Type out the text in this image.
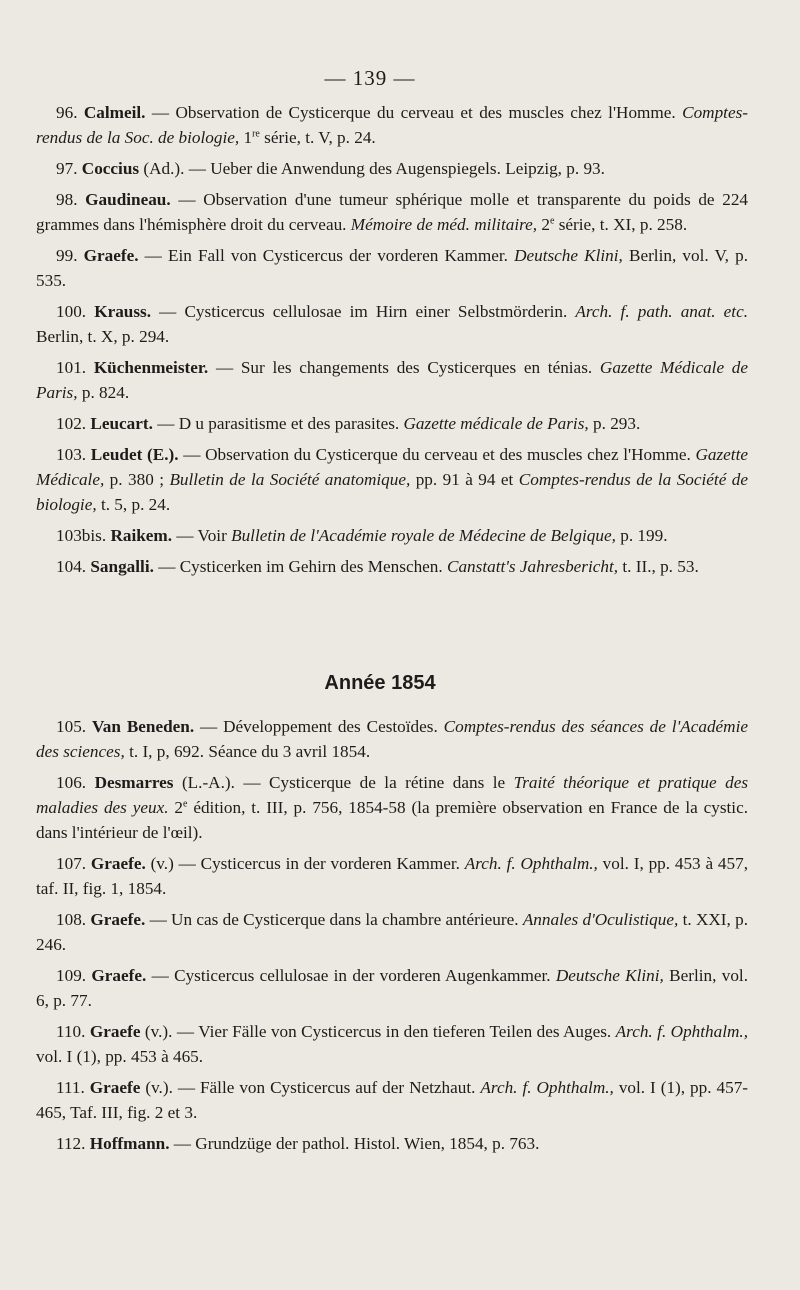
— 139 —

96. Calmeil. — Observation de Cysticerque du cerveau et des muscles chez l'Homme. Comptes-rendus de la Soc. de biologie, 1re série, t. V, p. 24.

97. Coccius (Ad.). — Ueber die Anwendung des Augenspiegels. Leipzig, p. 93.

98. Gaudineau. — Observation d'une tumeur sphérique molle et transparente du poids de 224 grammes dans l'hémisphère droit du cerveau. Mémoire de méd. militaire, 2e série, t. XI, p. 258.

99. Graefe. — Ein Fall von Cysticercus der vorderen Kammer. Deutsche Klini, Berlin, vol. V, p. 535.

100. Krauss. — Cysticercus cellulosae im Hirn einer Selbstmörderin. Arch. f. path. anat. etc. Berlin, t. X, p. 294.

101. Küchenmeister. — Sur les changements des Cysticerques en ténias. Gazette Médicale de Paris, p. 824.

102. Leucart. — D u parasitisme et des parasites. Gazette médicale de Paris, p. 293.

103. Leudet (E.). — Observation du Cysticerque du cerveau et des muscles chez l'Homme. Gazette Médicale, p. 380 ; Bulletin de la Société anatomique, pp. 91 à 94 et Comptes-rendus de la Société de biologie, t. 5, p. 24.

103bis. Raikem. — Voir Bulletin de l'Académie royale de Médecine de Belgique, p. 199.

104. Sangalli. — Cysticerken im Gehirn des Menschen. Canstatt's Jahresbericht, t. II., p. 53.

Année 1854

105. Van Beneden. — Développement des Cestoïdes. Comptes-rendus des séances de l'Académie des sciences, t. I, p, 692. Séance du 3 avril 1854.

106. Desmarres (L.-A.). — Cysticerque de la rétine dans le Traité théorique et pratique des maladies des yeux. 2e édition, t. III, p. 756, 1854-58 (la première observation en France de la cystic. dans l'intérieur de l'œil).

107. Graefe. (v.) — Cysticercus in der vorderen Kammer. Arch. f. Ophthalm., vol. I, pp. 453 à 457, taf. II, fig. 1, 1854.

108. Graefe. — Un cas de Cysticerque dans la chambre antérieure. Annales d'Oculistique, t. XXI, p. 246.

109. Graefe. — Cysticercus cellulosae in der vorderen Augenkammer. Deutsche Klini, Berlin, vol. 6, p. 77.

110. Graefe (v.). — Vier Fälle von Cysticercus in den tieferen Teilen des Auges. Arch. f. Ophthalm., vol. I (1), pp. 453 à 465.

111. Graefe (v.). — Fälle von Cysticercus auf der Netzhaut. Arch. f. Ophthalm., vol. I (1), pp. 457-465, Taf. III, fig. 2 et 3.

112. Hoffmann. — Grundzüge der pathol. Histol. Wien, 1854, p. 763.
